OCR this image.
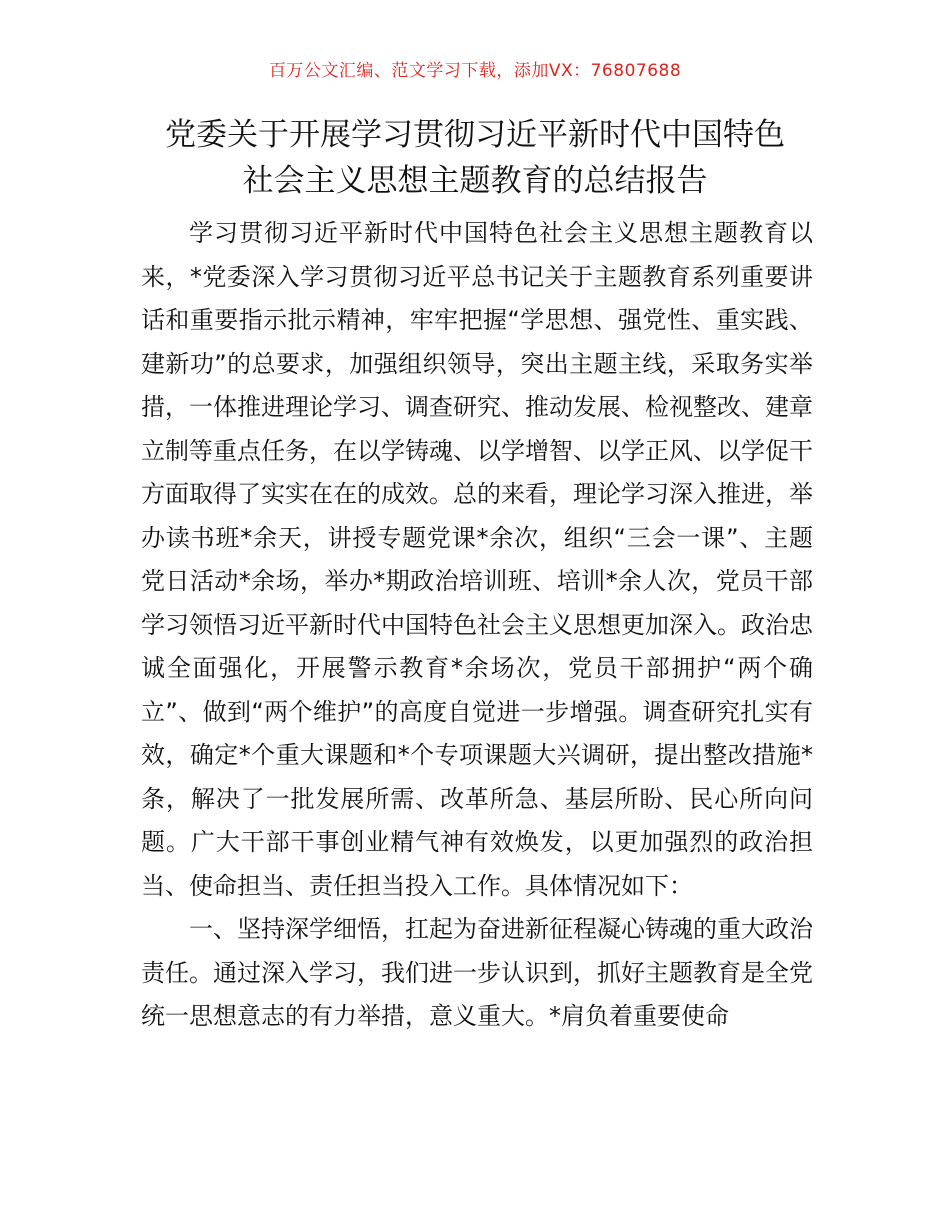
百万公文汇编、范文学习下载，添加VX：76807688
党委关于开展学习贯彻习近平新时代中国特色
社会主义思想主题教育的总结报告

学习贯彻习近平新时代中国特色社会主义思想主题教育以来，*党委深入学习贯彻习近平总书记关于主题教育系列重要讲话和重要指示批示精神，牢牢把握“学思想、强党性、重实践、建新功”的总要求，加强组织领导，突出主题主线，采取务实举措，一体推进理论学习、调查研究、推动发展、检视整改、建章立制等重点任务，在以学铸魂、以学增智、以学正风、以学促干方面取得了实实在在的成效。总的来看，理论学习深入推进，举办读书班*余天，讲授专题党课*余次，组织“三会一课”、主题党日活动*余场，举办*期政治培训班、培训*余人次，党员干部学习领悟习近平新时代中国特色社会主义思想更加深入。政治忠诚全面强化，开展警示教育*余场次，党员干部拥护“两个确立”、做到“两个维护”的高度自觉进一步增强。调查研究扎实有效，确定*个重大课题和*个专项课题大兴调研，提出整改措施*条，解决了一批发展所需、改革所急、基层所盼、民心所向问题。广大干部干事创业精气神有效焕发，以更加强烈的政治担当、使命担当、责任担当投入工作。具体情况如下：

一、坚持深学细悟，扛起为奋进新征程凝心铸魂的重大政治责任。通过深入学习，我们进一步认识到，抓好主题教育是全党统一思想意志的有力举措，意义重大。*肩负着重要使命
